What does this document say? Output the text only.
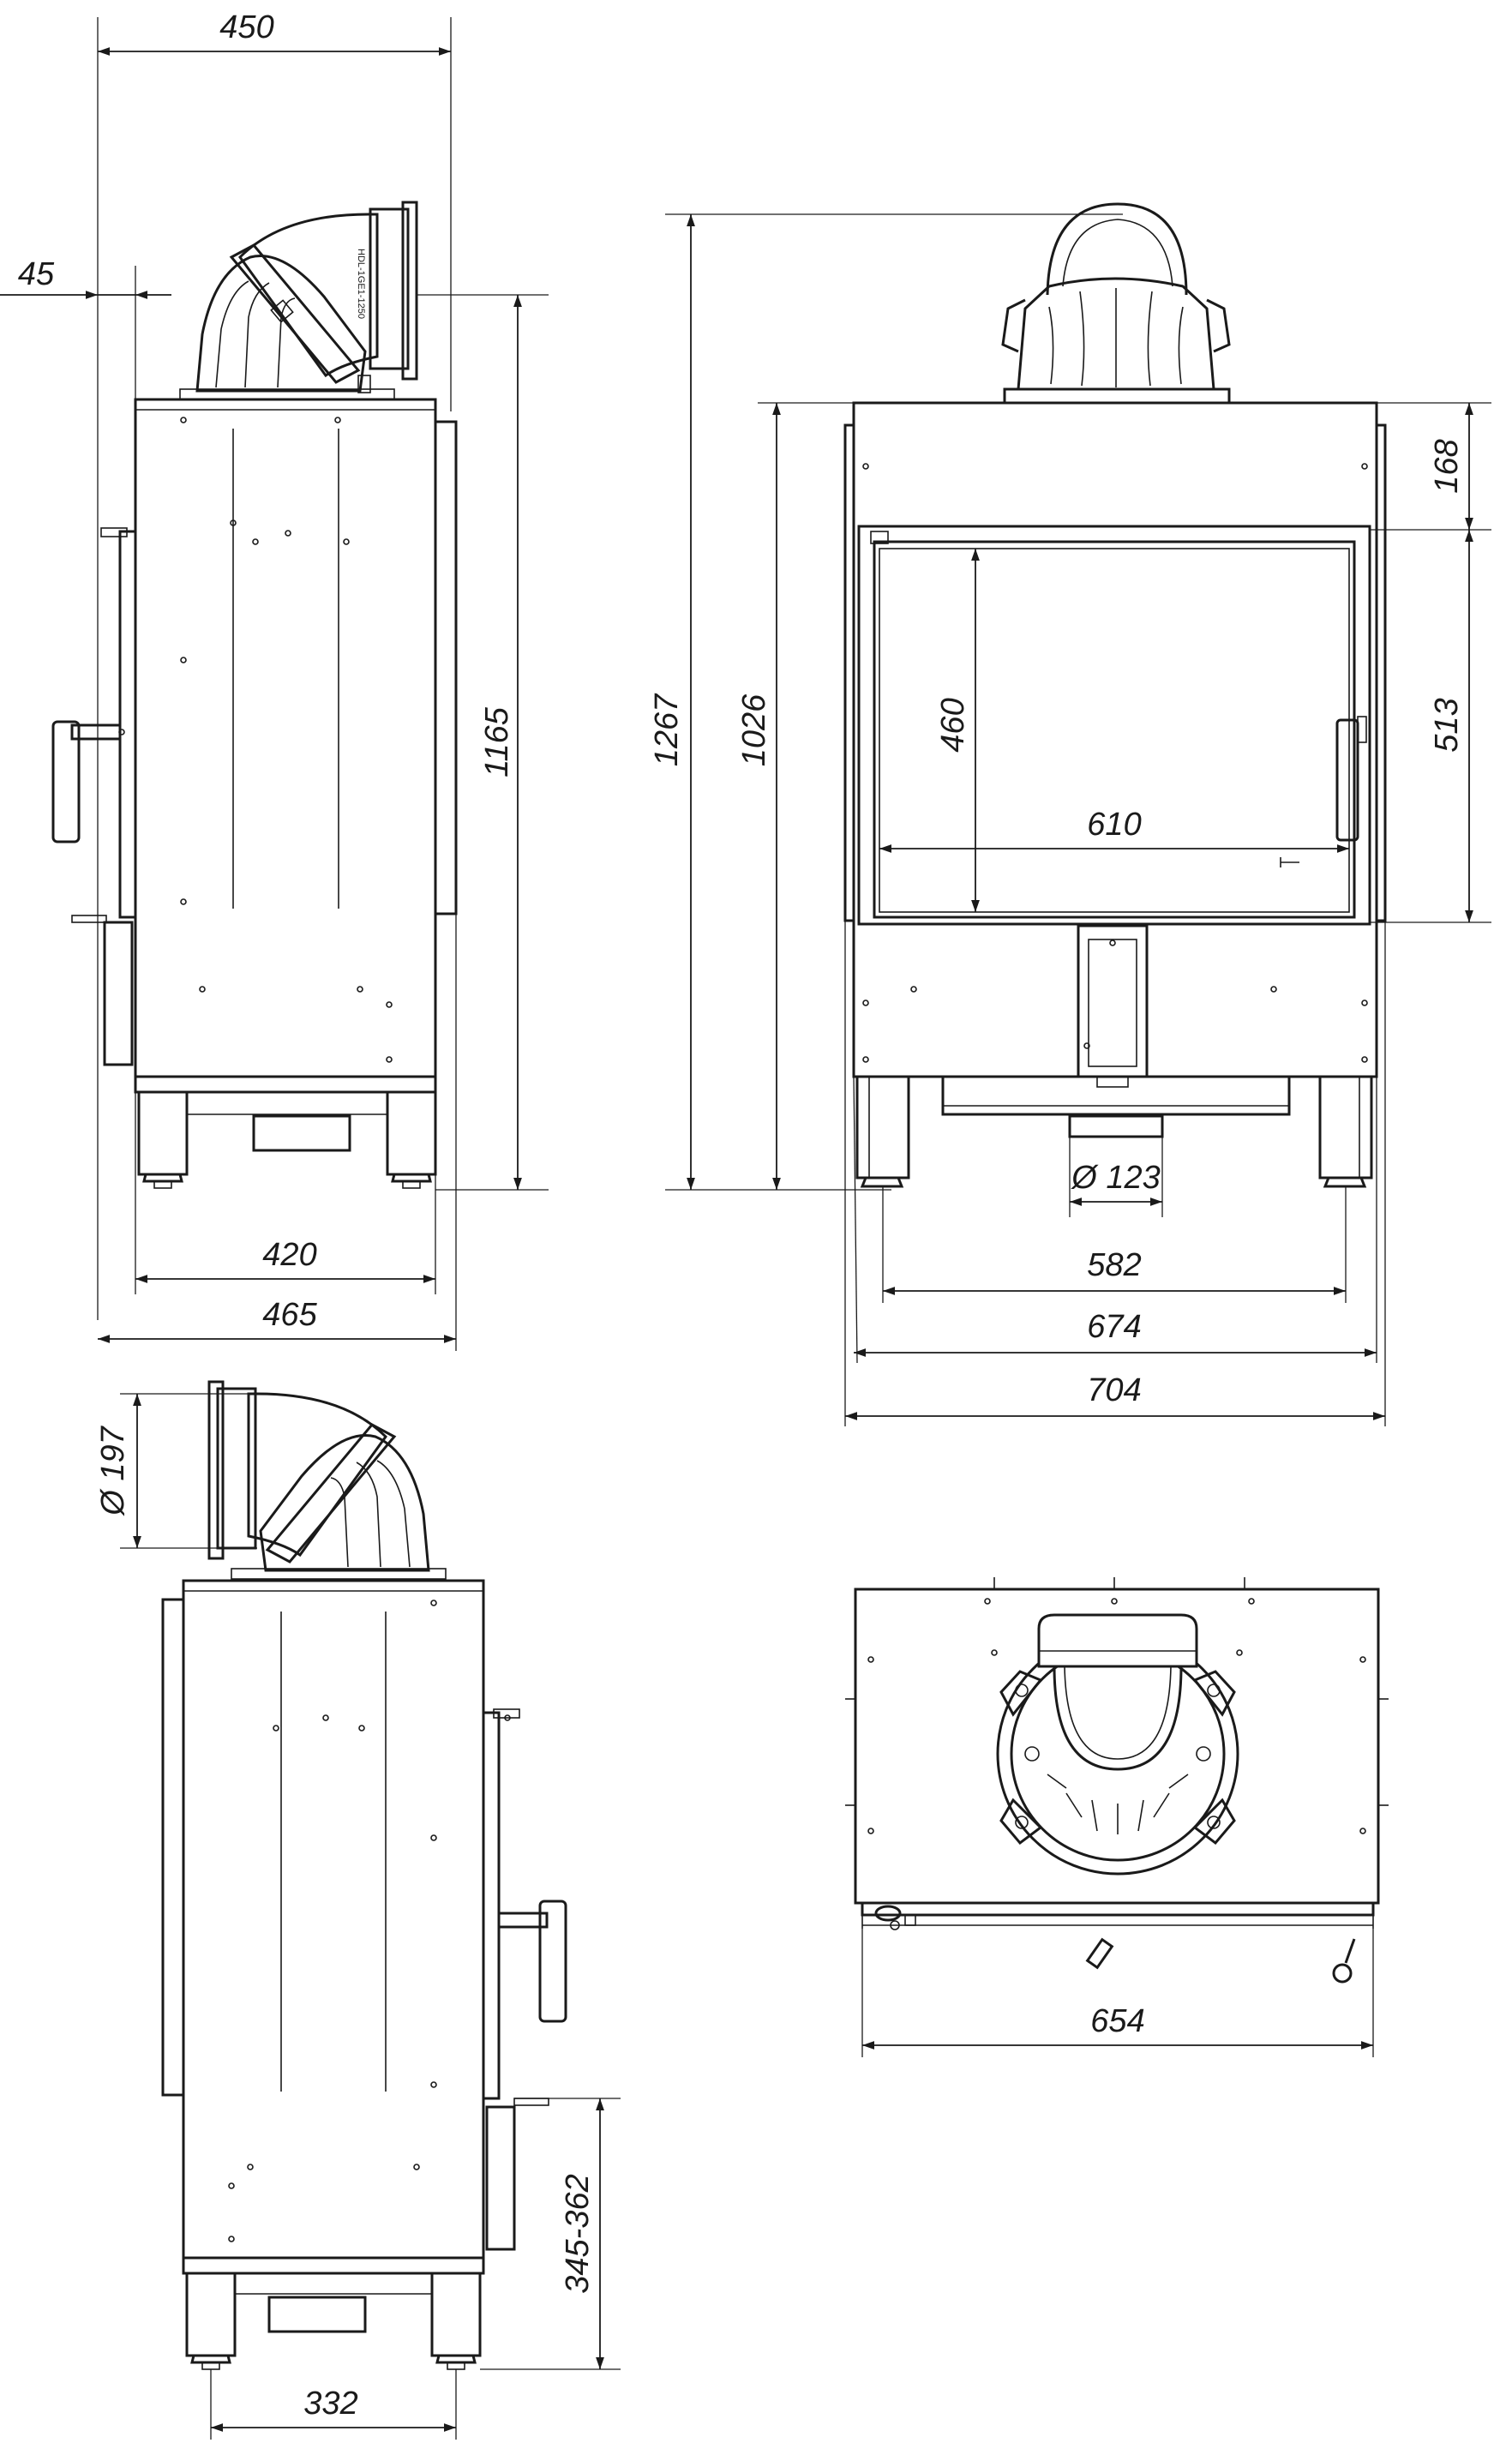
HDL-1GE1-1250
450
45
1165
420
465
1267 1026
168
513
460
610
Ø 123
582
674
704
Ø 197
345-362
332
654
